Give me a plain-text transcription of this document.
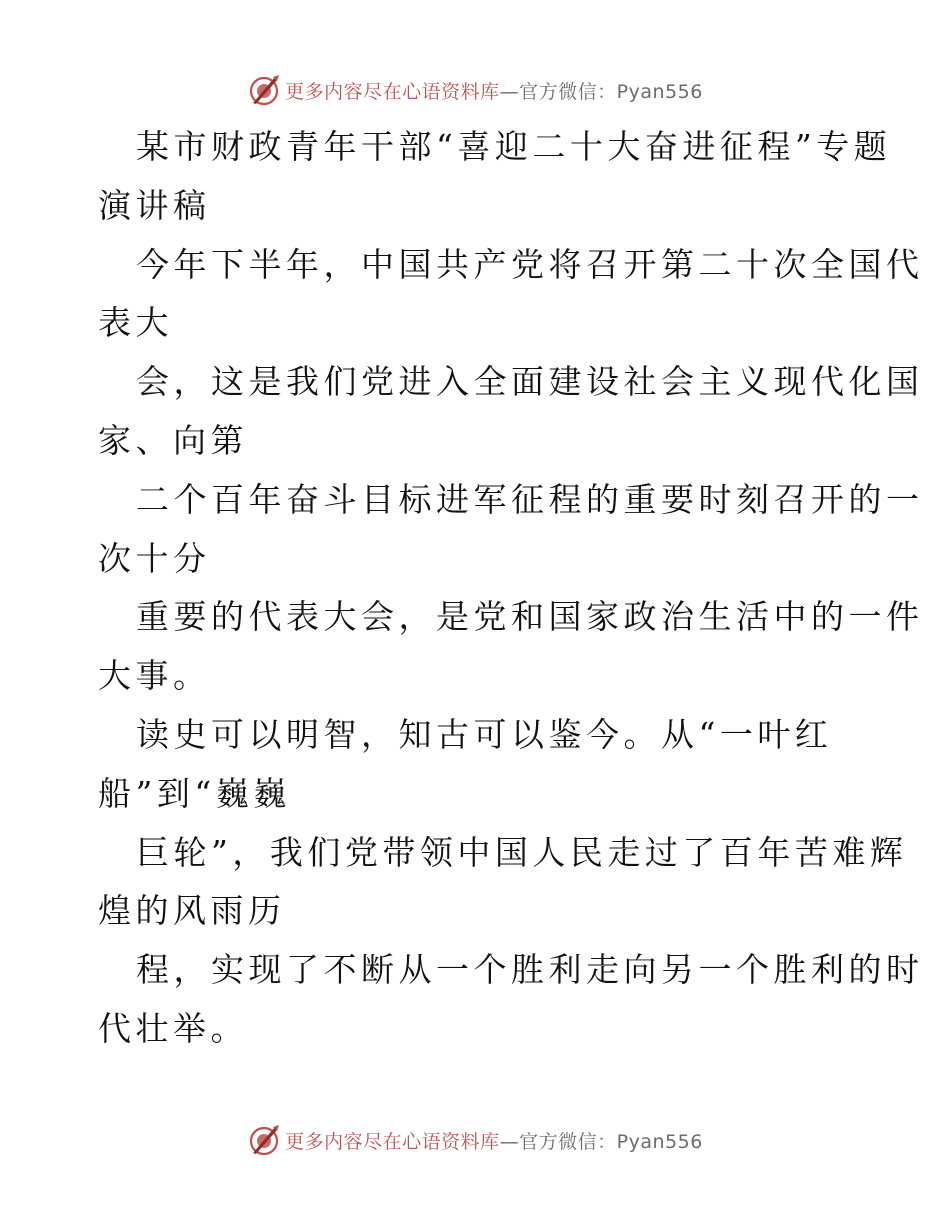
更多内容尽在心语资料库 —官方微信：Pyan556
某市财政青年干部“喜迎二十大奋进征程”专题
演讲稿
今年下半年，中国共产党将召开第二十次全国代
表大
会，这是我们党进入全面建设社会主义现代化国
家、向第
二个百年奋斗目标进军征程的重要时刻召开的一
次十分
重要的代表大会，是党和国家政治生活中的一件
大事。
读史可以明智，知古可以鉴今。从“一叶红
船”到“巍巍
巨轮”，我们党带领中国人民走过了百年苦难辉
煌的风雨历
程，实现了不断从一个胜利走向另一个胜利的时
代壮举。
更多内容尽在心语资料库 —官方微信：Pyan556
